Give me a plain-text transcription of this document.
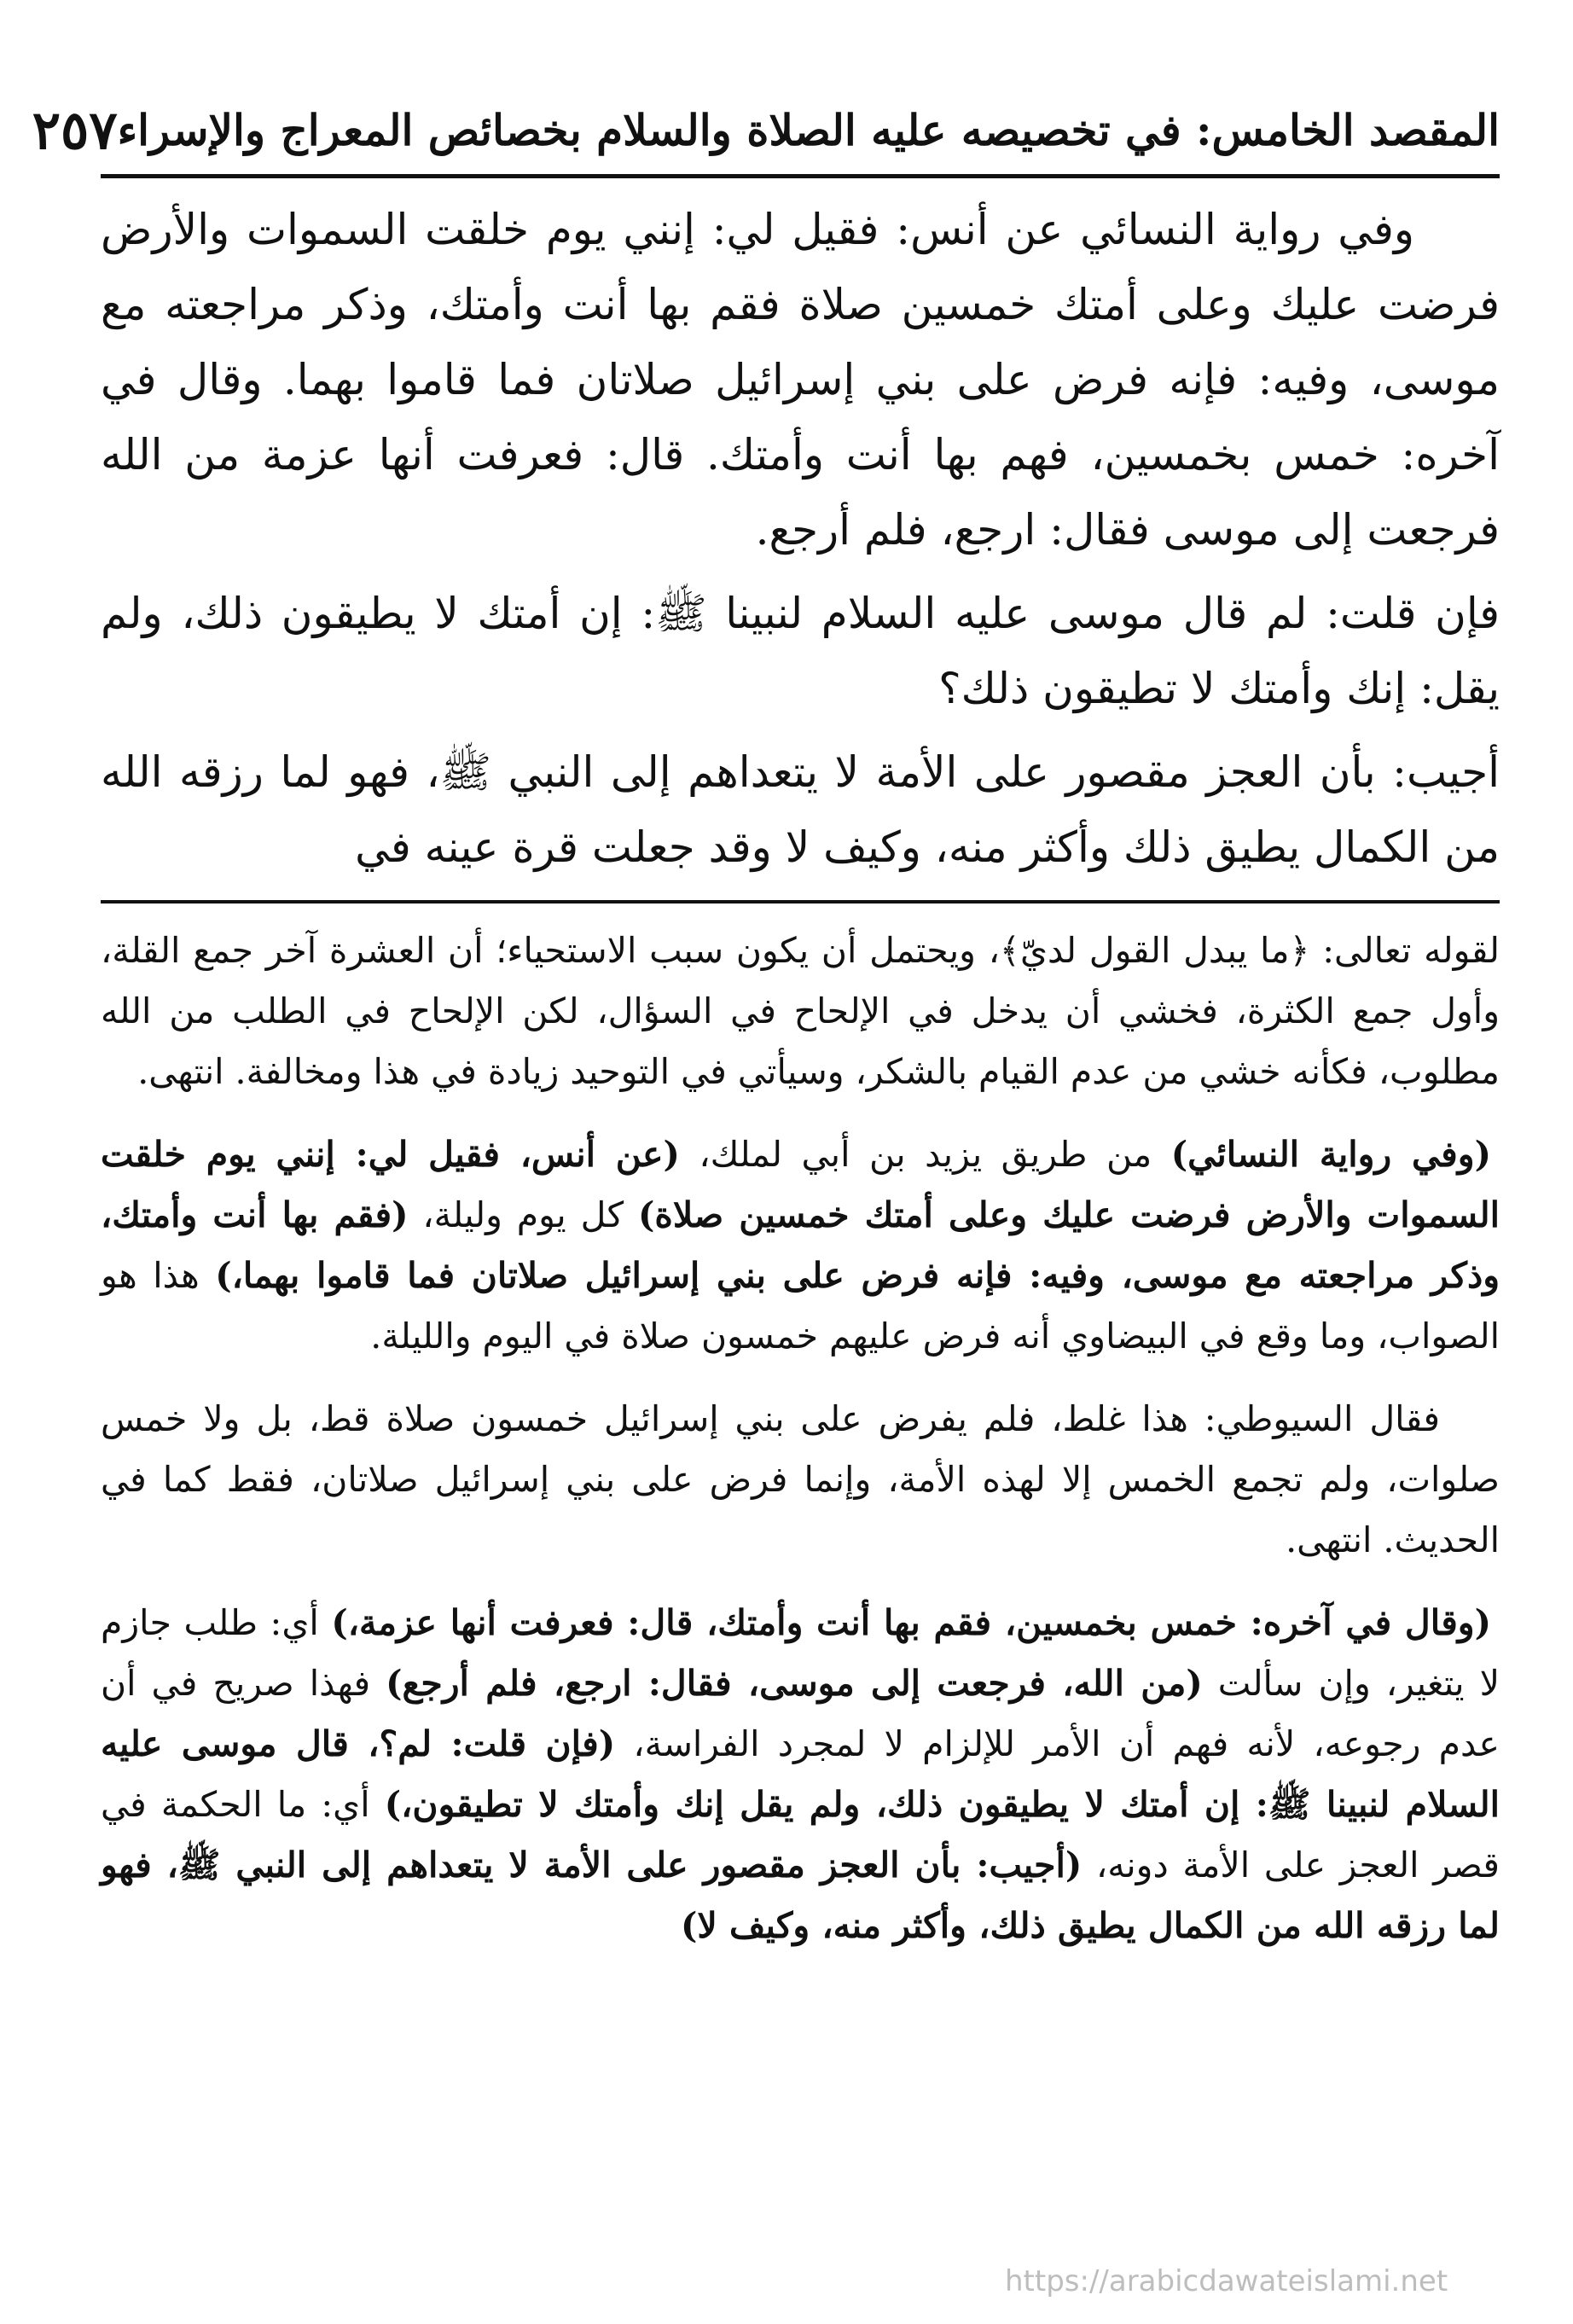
المقصد الخامس: في تخصيصه عليه الصلاة والسلام بخصائص المعراج والإسراء
٢٥٧

وفي رواية النسائي عن أنس: فقيل لي: إنني يوم خلقت السموات والأرض فرضت عليك وعلى أمتك خمسين صلاة فقم بها أنت وأمتك، وذكر مراجعته مع موسى، وفيه: فإنه فرض على بني إسرائيل صلاتان فما قاموا بهما. وقال في آخره: خمس بخمسين، فهم بها أنت وأمتك. قال: فعرفت أنها عزمة من الله فرجعت إلى موسى فقال: ارجع، فلم أرجع.

فإن قلت: لم قال موسى عليه السلام لنبينا ﷺ: إن أمتك لا يطيقون ذلك، ولم يقل: إنك وأمتك لا تطيقون ذلك؟

أجيب: بأن العجز مقصور على الأمة لا يتعداهم إلى النبي ﷺ، فهو لما رزقه الله من الكمال يطيق ذلك وأكثر منه، وكيف لا وقد جعلت قرة عينه في

لقوله تعالى: ﴿ما يبدل القول لديّ﴾، ويحتمل أن يكون سبب الاستحياء؛ أن العشرة آخر جمع القلة، وأول جمع الكثرة، فخشي أن يدخل في الإلحاح في السؤال، لكن الإلحاح في الطلب من الله مطلوب، فكأنه خشي من عدم القيام بالشكر، وسيأتي في التوحيد زيادة في هذا ومخالفة. انتهى.

(وفي رواية النسائي) من طريق يزيد بن أبي لملك، (عن أنس، فقيل لي: إنني يوم خلقت السموات والأرض فرضت عليك وعلى أمتك خمسين صلاة) كل يوم وليلة، (فقم بها أنت وأمتك، وذكر مراجعته مع موسى، وفيه: فإنه فرض على بني إسرائيل صلاتان فما قاموا بهما،) هذا هو الصواب، وما وقع في البيضاوي أنه فرض عليهم خمسون صلاة في اليوم والليلة.

فقال السيوطي: هذا غلط، فلم يفرض على بني إسرائيل خمسون صلاة قط، بل ولا خمس صلوات، ولم تجمع الخمس إلا لهذه الأمة، وإنما فرض على بني إسرائيل صلاتان، فقط كما في الحديث. انتهى.

(وقال في آخره: خمس بخمسين، فقم بها أنت وأمتك، قال: فعرفت أنها عزمة،) أي: طلب جازم لا يتغير، وإن سألت (من الله، فرجعت إلى موسى، فقال: ارجع، فلم أرجع) فهذا صريح في أن عدم رجوعه، لأنه فهم أن الأمر للإلزام لا لمجرد الفراسة، (فإن قلت: لم؟، قال موسى عليه السلام لنبينا ﷺ: إن أمتك لا يطيقون ذلك، ولم يقل إنك وأمتك لا تطيقون،) أي: ما الحكمة في قصر العجز على الأمة دونه، (أجيب: بأن العجز مقصور على الأمة لا يتعداهم إلى النبي ﷺ، فهو لما رزقه الله من الكمال يطيق ذلك، وأكثر منه، وكيف لا)

https://arabicdawateislami.net
